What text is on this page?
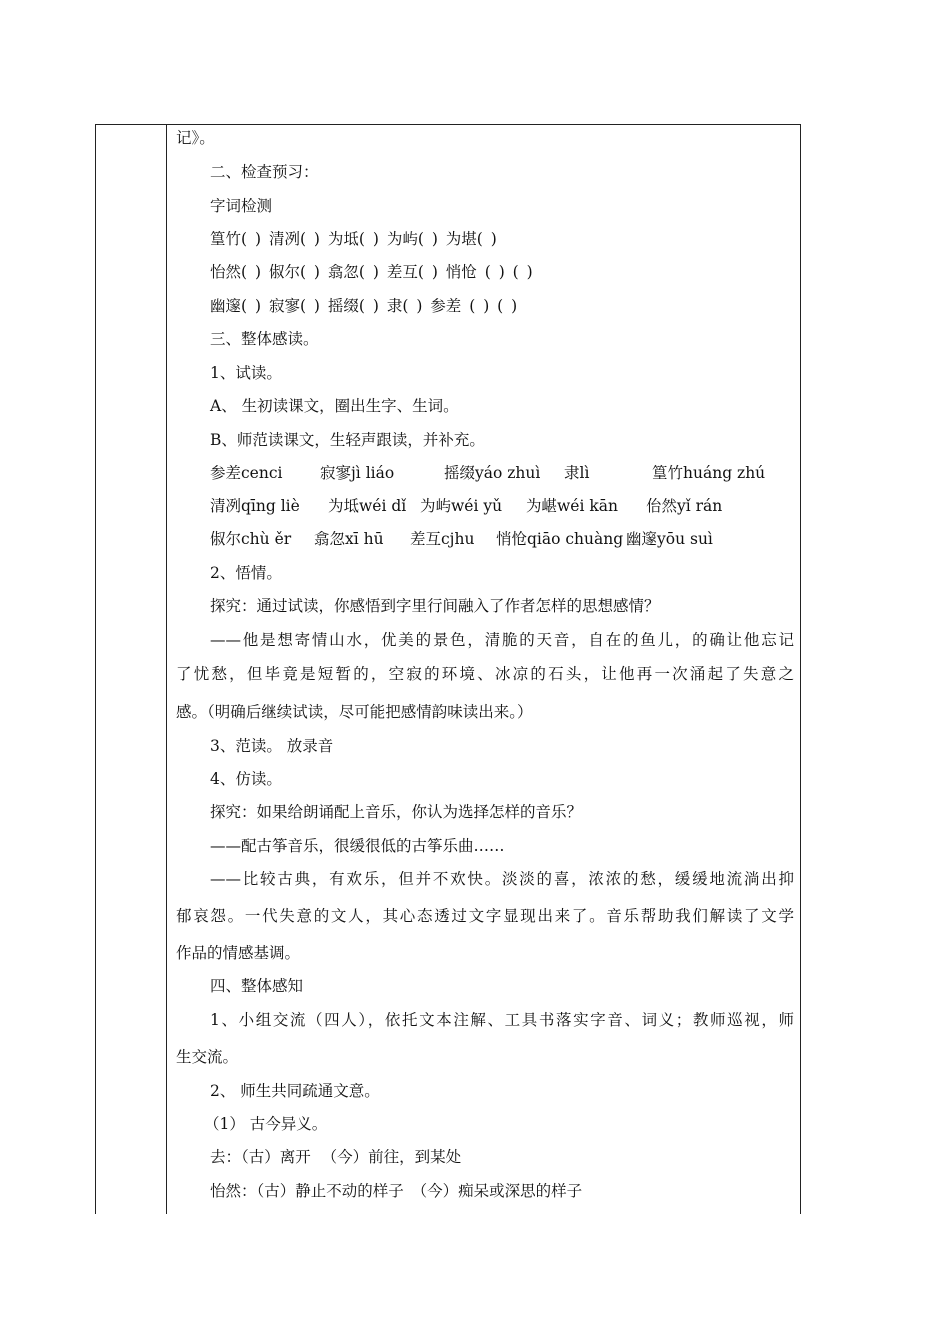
记》。
二、检查预习：
字词检测
篁竹( ) 清冽( ) 为坻( ) 为屿( ) 为堪( )
怡然( ) 俶尔( ) 翕忽( ) 差互( ) 悄怆 ( ) ( )
幽邃( ) 寂寥( ) 摇缀( ) 隶( ) 参差 ( ) ( )
三、整体感读。
1、试读。
A、 生初读课文，圈出生字、生词。
B、师范读课文，生轻声跟读，并补充。
参差cenci 寂寥jì liáo	摇缀yáo zhuì 隶lì	篁竹huáng zhú
清冽qīng liè 为坻wéi dǐ 为屿wéi yǔ 为嵁wéi kān 佁然yǐ rán
俶尔chù ěr 翕忽xī hū 差互cjhu 悄怆qiāo chuàng 幽邃yōu suì
2、悟情。
探究：通过试读，你感悟到字里行间融入了作者怎样的思想感情？
——他是想寄情山水，优美的景色，清脆的天音，自在的鱼儿，的确让他忘记
了忧愁，但毕竟是短暂的，空寂的环境、冰凉的石头，让他再一次涌起了失意之
感。（明确后继续试读，尽可能把感情韵味读出来。）
3、范读。 放录音
4、仿读。
探究：如果给朗诵配上音乐，你认为选择怎样的音乐？
——配古筝音乐，很缓很低的古筝乐曲……
——比较古典，有欢乐，但并不欢快。淡淡的喜，浓浓的愁，缓缓地流淌出抑
郁哀怨。一代失意的文人，其心态透过文字显现出来了。音乐帮助我们解读了文学
作品的情感基调。
四、整体感知
1、小组交流（四人），依托文本注解、工具书落实字音、词义；教师巡视，师
生交流。
2、 师生共同疏通文意。
（1） 古今异义。
去：（古）离开 （今）前往，到某处
怡然：（古）静止不动的样子 （今）痴呆或深思的样子
